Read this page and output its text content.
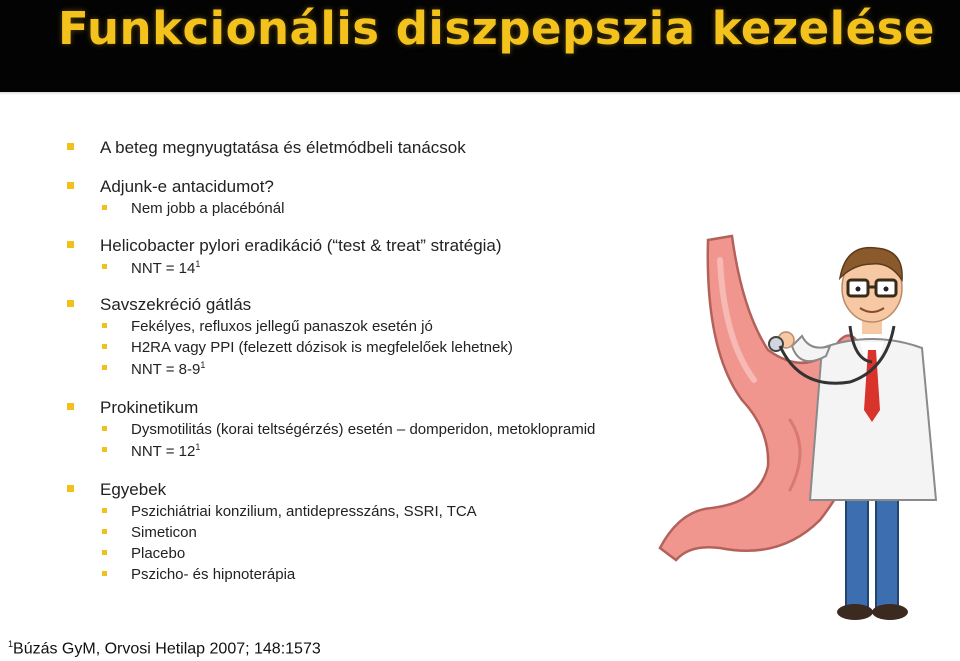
Funkcionális diszpepszia kezelése
A beteg megnyugtatása és életmódbeli tanácsok
Adjunk-e antacidumot?
Nem jobb a placébónál
Helicobacter pylori eradikáció (“test & treat” stratégia)
NNT = $14^1$
Savszekréció gátlás
Fekélyes, refluxos jellegű panaszok esetén jó
H2RA vagy PPI (felezett dózisok is megfelelőek lehetnek)
NNT = $8-9^1$
Prokinetikum
Dysmotilitás (korai teltségérzés) esetén – domperidon, metoklopramid
NNT = $12^1$
Egyebek
Pszichiátriai konzilium, antidepresszáns, SSRI, TCA
Simeticon
Placebo
Pszicho- és hipnoterápia
$^1$Búzás GyM, Orvosi Hetilap 2007; 148:1573
